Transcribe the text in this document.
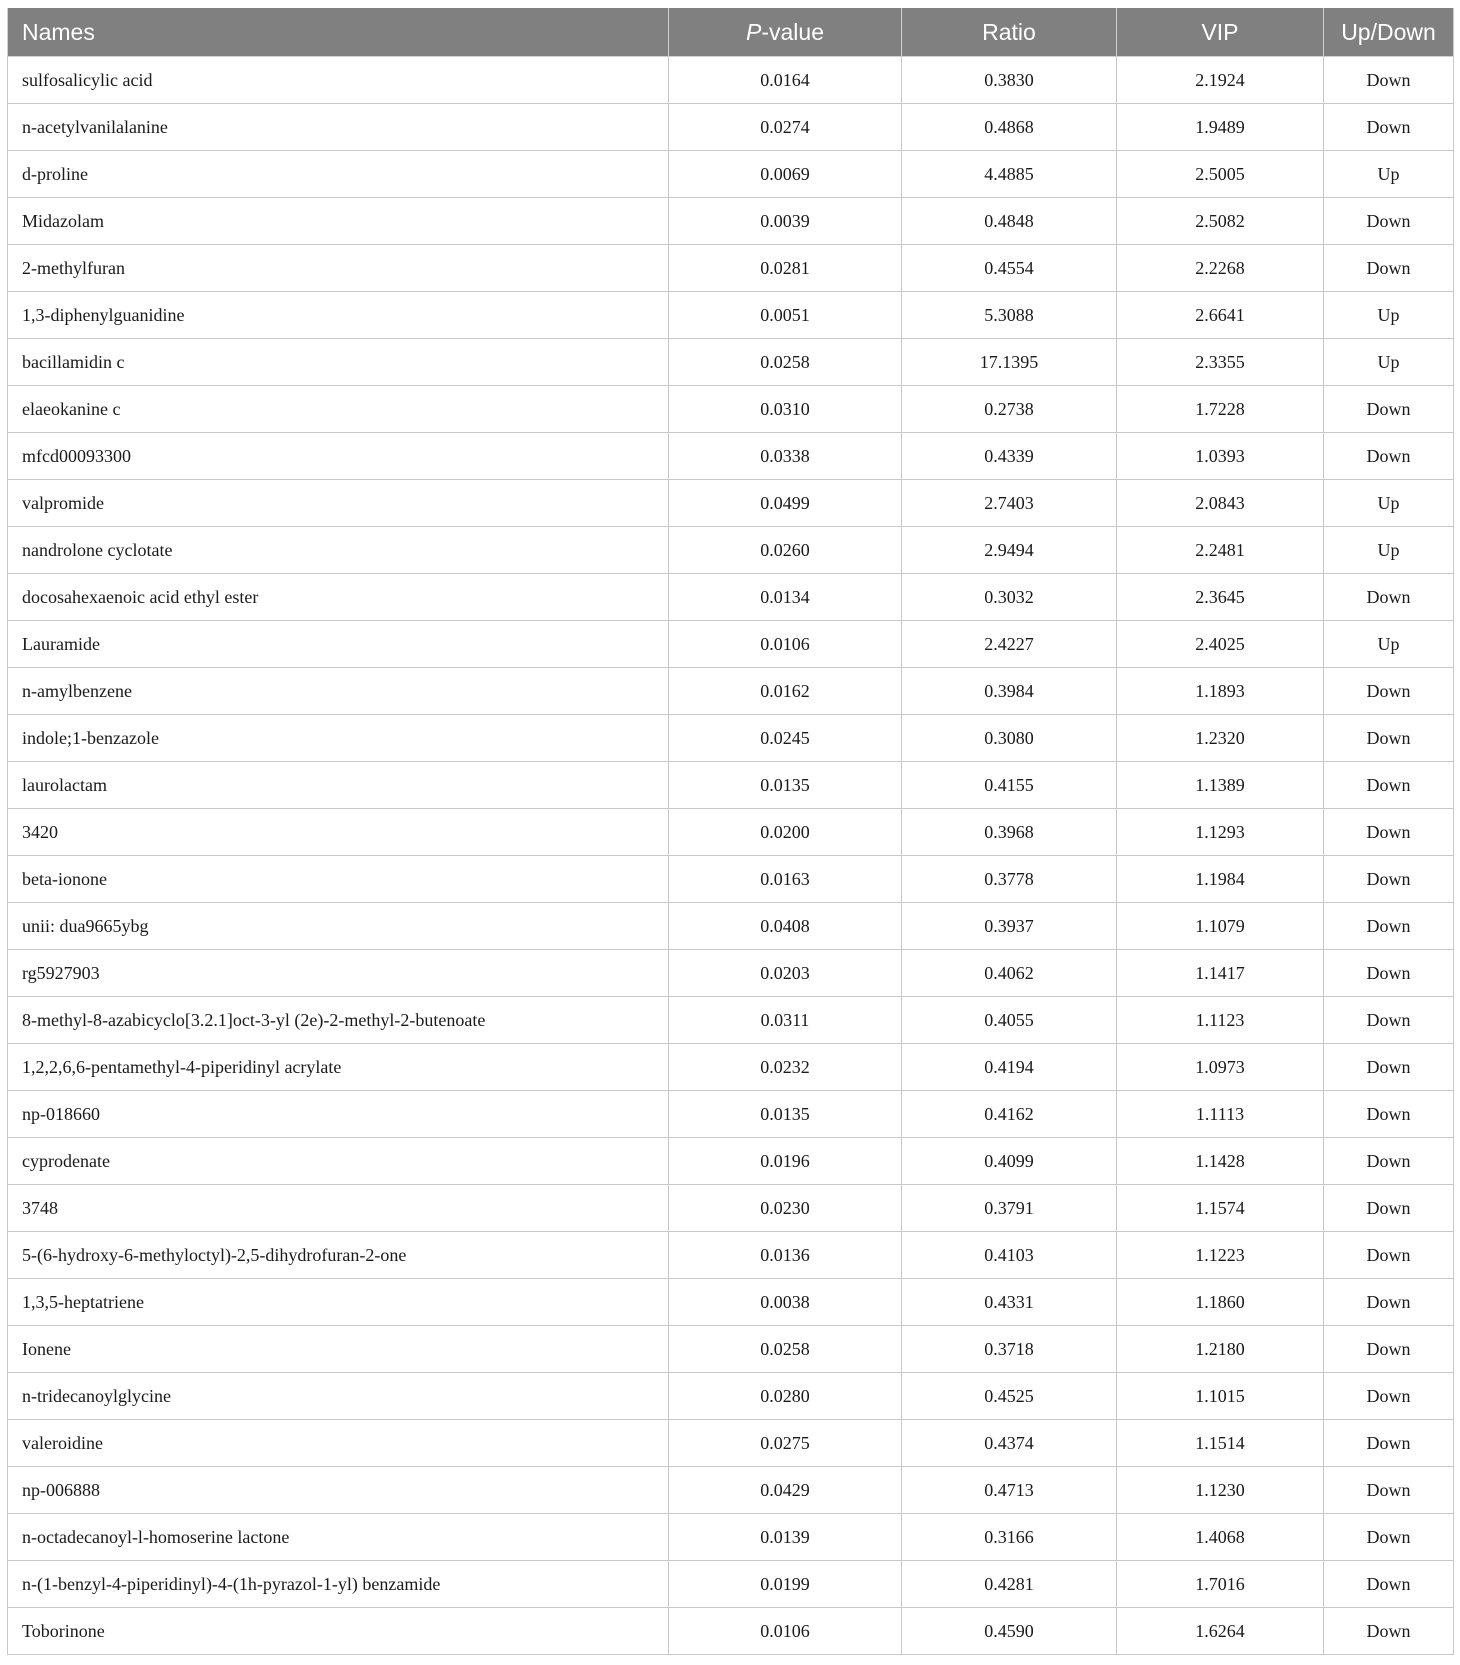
Names	P-value	Ratio	VIP	Up/Down
sulfosalicylic acid	0.0164	0.3830	2.1924	Down
n-acetylvanilalanine	0.0274	0.4868	1.9489	Down
d-proline	0.0069	4.4885	2.5005	Up
Midazolam	0.0039	0.4848	2.5082	Down
2-methylfuran	0.0281	0.4554	2.2268	Down
1,3-diphenylguanidine	0.0051	5.3088	2.6641	Up
bacillamidin c	0.0258	17.1395	2.3355	Up
elaeokanine c	0.0310	0.2738	1.7228	Down
mfcd00093300	0.0338	0.4339	1.0393	Down
valpromide	0.0499	2.7403	2.0843	Up
nandrolone cyclotate	0.0260	2.9494	2.2481	Up
docosahexaenoic acid ethyl ester	0.0134	0.3032	2.3645	Down
Lauramide	0.0106	2.4227	2.4025	Up
n-amylbenzene	0.0162	0.3984	1.1893	Down
indole;1-benzazole	0.0245	0.3080	1.2320	Down
laurolactam	0.0135	0.4155	1.1389	Down
3420	0.0200	0.3968	1.1293	Down
beta-ionone	0.0163	0.3778	1.1984	Down
unii: dua9665ybg	0.0408	0.3937	1.1079	Down
rg5927903	0.0203	0.4062	1.1417	Down
8-methyl-8-azabicyclo[3.2.1]oct-3-yl (2e)-2-methyl-2-butenoate	0.0311	0.4055	1.1123	Down
1,2,2,6,6-pentamethyl-4-piperidinyl acrylate	0.0232	0.4194	1.0973	Down
np-018660	0.0135	0.4162	1.1113	Down
cyprodenate	0.0196	0.4099	1.1428	Down
3748	0.0230	0.3791	1.1574	Down
5-(6-hydroxy-6-methyloctyl)-2,5-dihydrofuran-2-one	0.0136	0.4103	1.1223	Down
1,3,5-heptatriene	0.0038	0.4331	1.1860	Down
Ionene	0.0258	0.3718	1.2180	Down
n-tridecanoylglycine	0.0280	0.4525	1.1015	Down
valeroidine	0.0275	0.4374	1.1514	Down
np-006888	0.0429	0.4713	1.1230	Down
n-octadecanoyl-l-homoserine lactone	0.0139	0.3166	1.4068	Down
n-(1-benzyl-4-piperidinyl)-4-(1h-pyrazol-1-yl) benzamide	0.0199	0.4281	1.7016	Down
Toborinone	0.0106	0.4590	1.6264	Down
